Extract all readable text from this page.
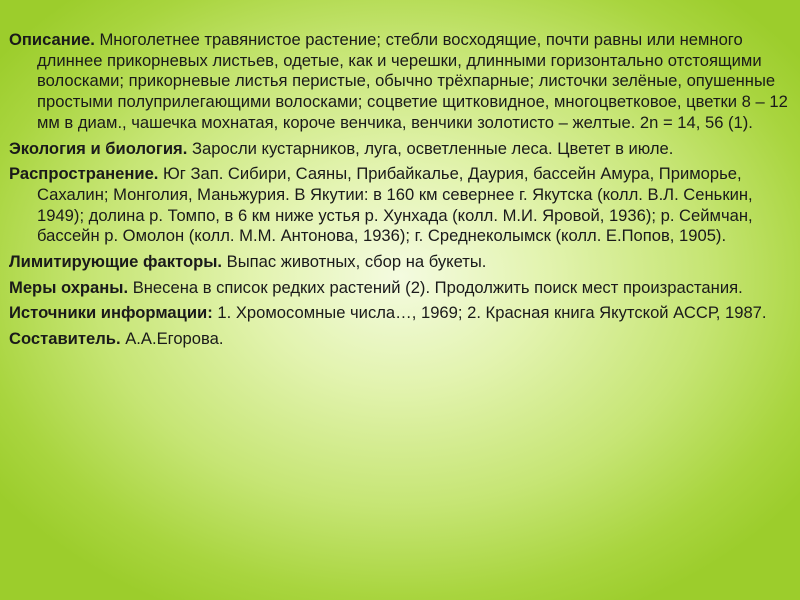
Описание. Многолетнее травянистое растение; стебли восходящие, почти равны или немного длиннее прикорневых листьев, одетые, как и черешки, длинными горизонтально отстоящими волосками; прикорневые листья перистые, обычно трёхпарные; листочки зелёные, опушенные простыми полуприлегающими волосками; соцветие щитковидное, многоцветковое, цветки 8 – 12 мм в диам., чашечка мохнатая, короче венчика, венчики золотисто – желтые. 2n = 14, 56 (1).

Экология и биология. Заросли кустарников, луга, осветленные леса. Цветет в июле.

Распространение. Юг Зап. Сибири, Саяны, Прибайкалье, Даурия, бассейн Амура, Приморье, Сахалин; Монголия, Маньжурия. В Якутии: в 160 км севернее г. Якутска (колл. В.Л. Сенькин, 1949); долина р. Томпо, в 6 км ниже устья р. Хунхада (колл. М.И. Яровой, 1936); р. Сеймчан, бассейн р. Омолон (колл. М.М. Антонова, 1936); г. Среднеколымск (колл. Е.Попов, 1905).

Лимитирующие факторы. Выпас животных, сбор на букеты.

Меры охраны. Внесена в список редких растений (2). Продолжить поиск мест произрастания.

Источники информации: 1. Хромосомные числа…, 1969; 2. Красная книга Якутской АССР, 1987.

Составитель. А.А.Егорова.
